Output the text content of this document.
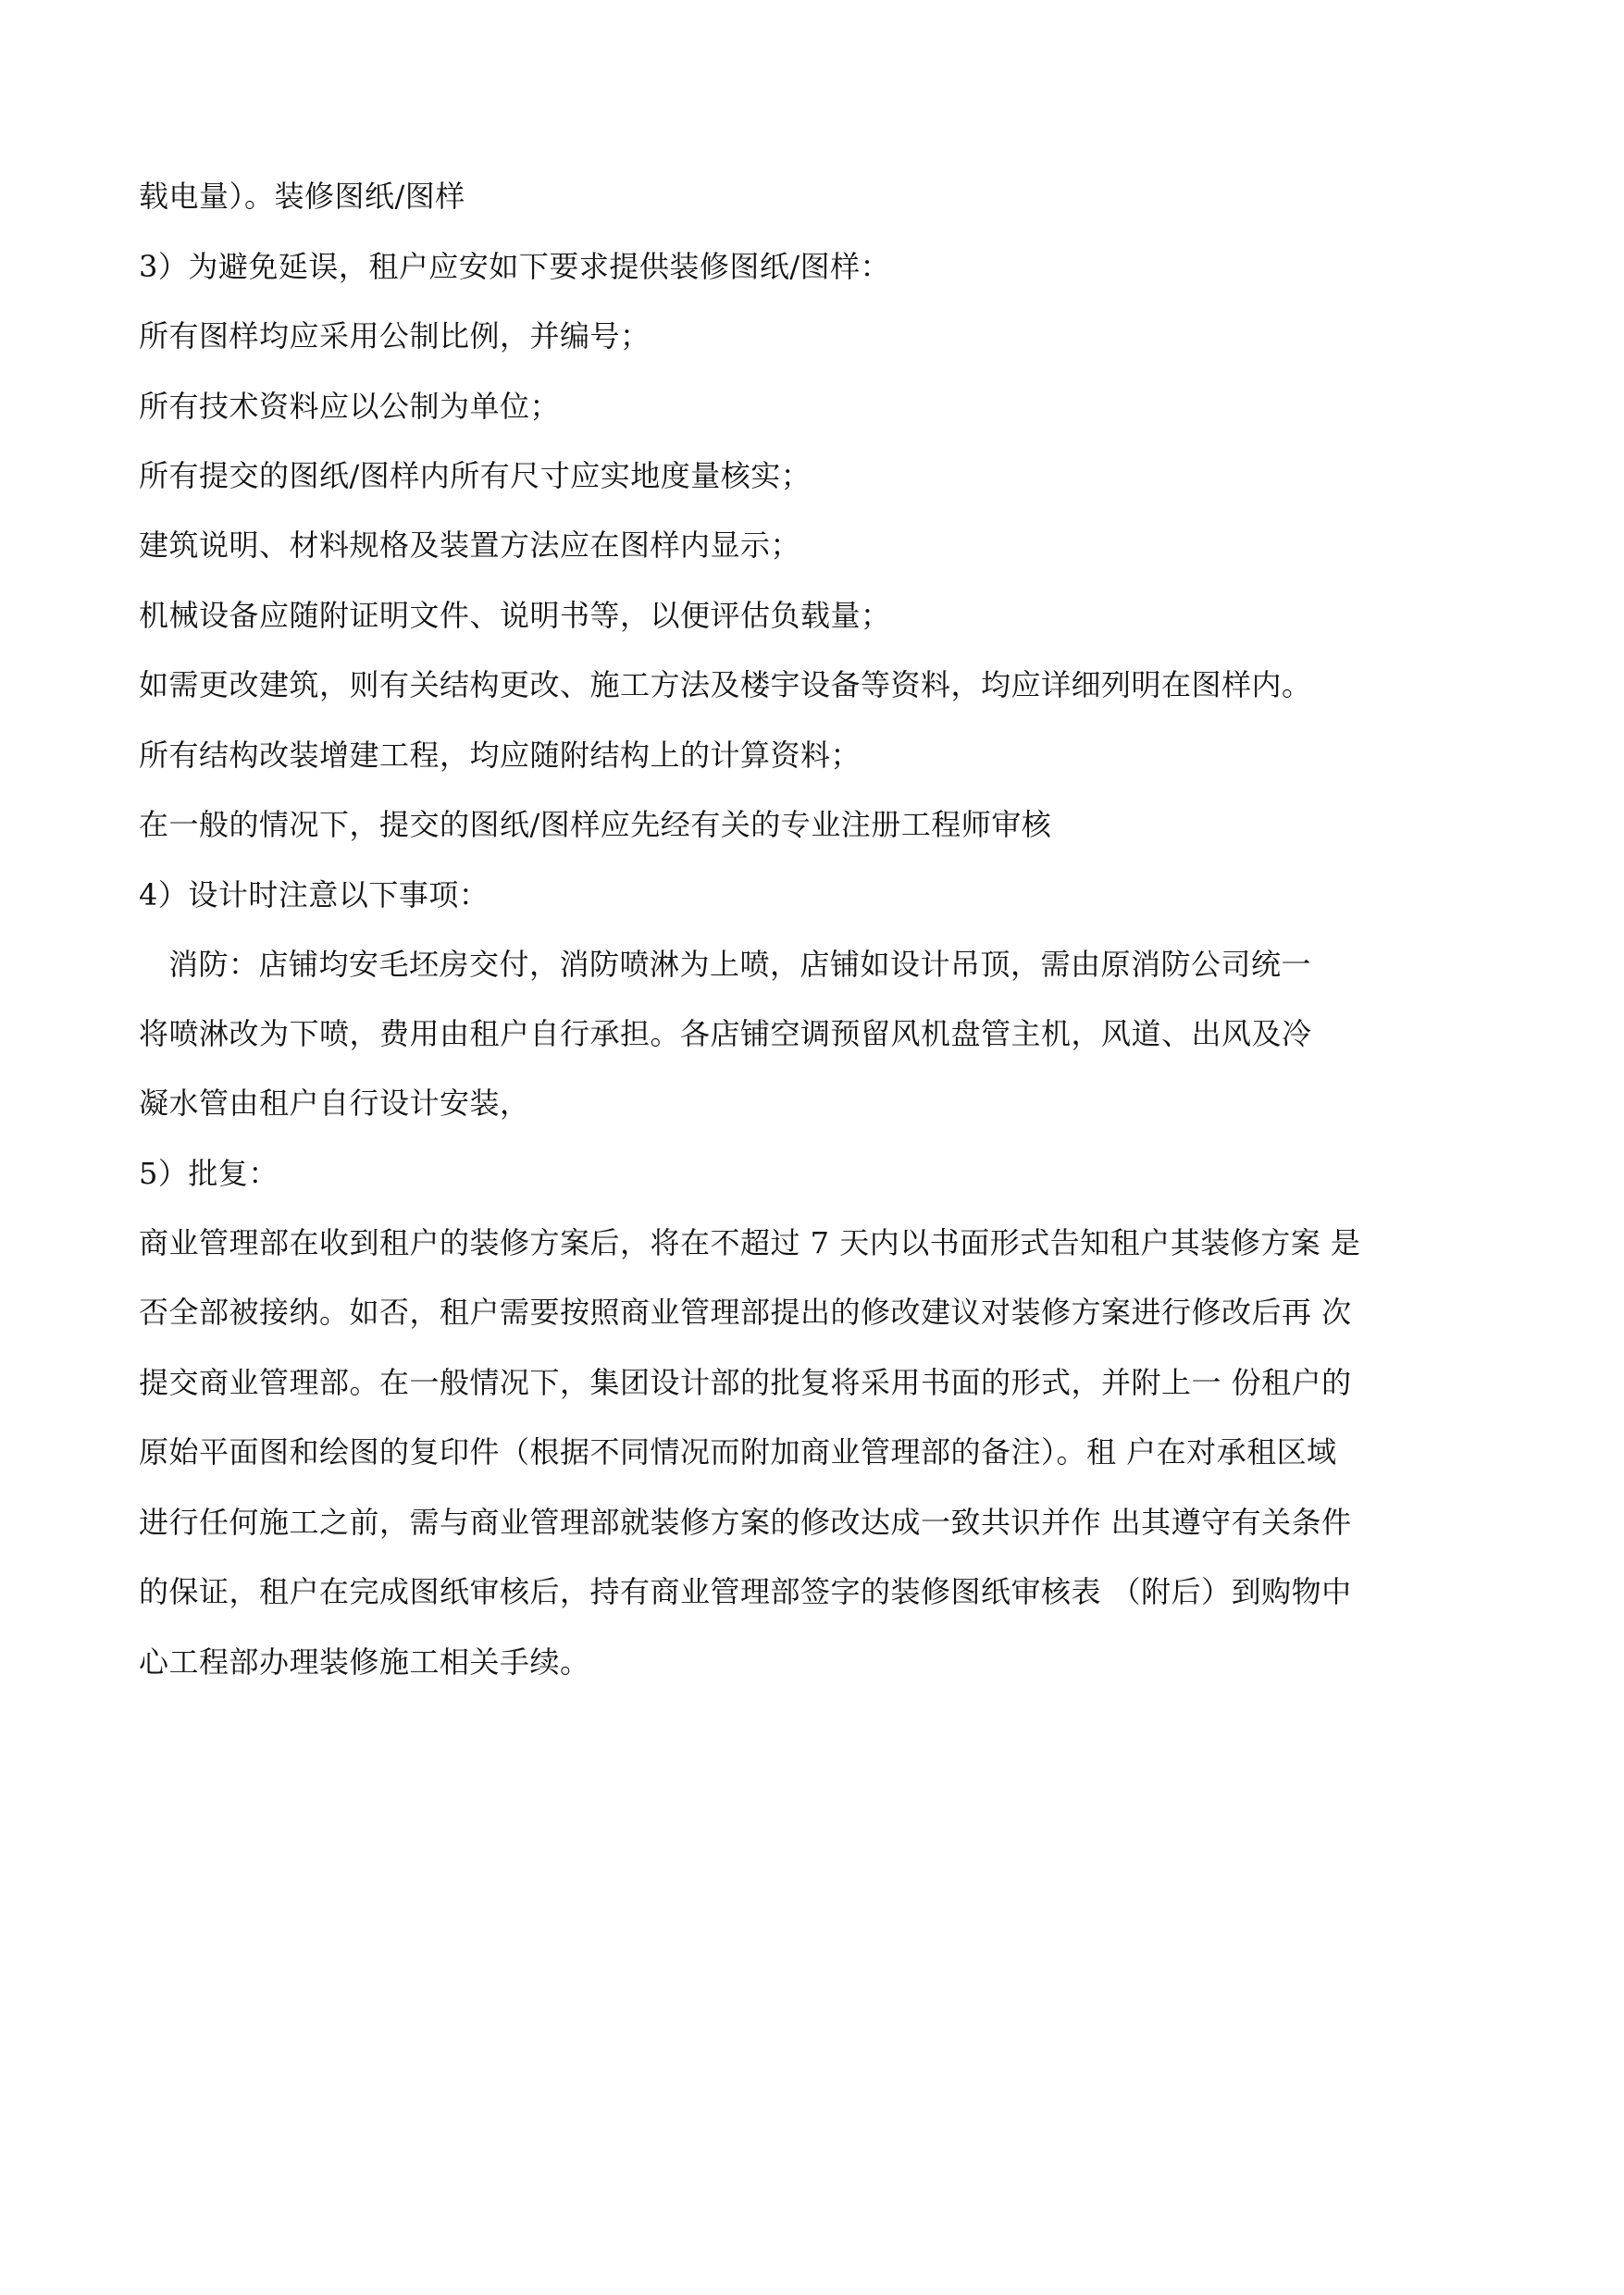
载电量）。装修图纸/图样
3）为避免延误，租户应安如下要求提供装修图纸/图样：
所有图样均应采用公制比例，并编号；
所有技术资料应以公制为单位；
所有提交的图纸/图样内所有尺寸应实地度量核实；
建筑说明、材料规格及装置方法应在图样内显示；
机械设备应随附证明文件、说明书等，以便评估负载量；
如需更改建筑，则有关结构更改、施工方法及楼宇设备等资料，均应详细列明在图样内。
所有结构改装增建工程，均应随附结构上的计算资料；
在一般的情况下，提交的图纸/图样应先经有关的专业注册工程师审核
4）设计时注意以下事项：
消防：店铺均安毛坯房交付，消防喷淋为上喷，店铺如设计吊顶，需由原消防公司统一
将喷淋改为下喷，费用由租户自行承担。各店铺空调预留风机盘管主机，风道、出风及冷
凝水管由租户自行设计安装，
5）批复：
商业管理部在收到租户的装修方案后，将在不超过 7 天内以书面形式告知租户其装修方案 是
否全部被接纳。如否，租户需要按照商业管理部提出的修改建议对装修方案进行修改后再 次
提交商业管理部。在一般情况下，集团设计部的批复将采用书面的形式，并附上一 份租户的
原始平面图和绘图的复印件（根据不同情况而附加商业管理部的备注）。租 户在对承租区域
进行任何施工之前，需与商业管理部就装修方案的修改达成一致共识并作 出其遵守有关条件
的保证，租户在完成图纸审核后，持有商业管理部签字的装修图纸审核表 （附后）到购物中
心工程部办理装修施工相关手续。
